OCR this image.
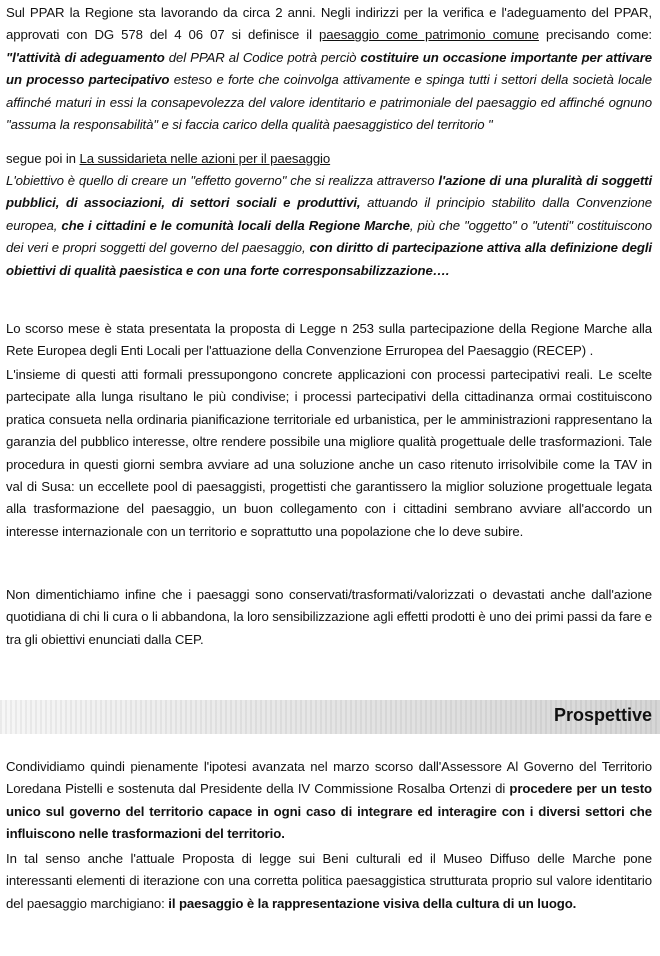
Sul PPAR la Regione sta lavorando da circa 2 anni. Negli indirizzi per la verifica e l'adeguamento del PPAR, approvati con DG 578 del 4 06 07 si definisce il paesaggio come patrimonio comune precisando come: "l'attività di adeguamento del PPAR al Codice potrà perciò costituire un occasione importante per attivare un processo partecipativo esteso e forte che coinvolga attivamente e spinga tutti i settori della società locale affinché maturi in essi la consapevolezza del valore identitario e patrimoniale del paesaggio ed affinché ognuno "assuma la responsabilità" e si faccia carico della qualità paesaggistico del territorio "

segue poi in La sussidarieta nelle azioni per il paesaggio

L'obiettivo è quello di creare un "effetto governo" che si realizza attraverso l'azione di una pluralità di soggetti pubblici, di associazioni, di settori sociali e produttivi, attuando il principio stabilito dalla Convenzione europea, che i cittadini e le comunità locali della Regione Marche, più che "oggetto" o "utenti" costituiscono dei veri e propri soggetti del governo del paesaggio, con diritto di partecipazione attiva alla definizione degli obiettivi di qualità paesistica e con una forte corresponsabilizzazione….

Lo scorso mese è stata presentata la proposta di Legge n 253 sulla partecipazione della Regione Marche alla Rete Europea degli Enti Locali per l'attuazione della Convenzione Erruropea del Paesaggio (RECEP) .

L'insieme di questi atti formali pressupongono concrete applicazioni con processi partecipativi reali. Le scelte partecipate alla lunga risultano le più condivise; i processi partecipativi della cittadinanza ormai costituiscono pratica consueta nella ordinaria pianificazione territoriale ed urbanistica, per le amministrazioni rappresentano la garanzia del pubblico interesse, oltre rendere possibile una migliore qualità progettuale delle trasformazioni. Tale procedura in questi giorni sembra avviare ad una soluzione anche un caso ritenuto irrisolvibile come la TAV in val di Susa: un eccellete pool di paesaggisti, progettisti che garantissero la miglior soluzione progettuale legata alla trasformazione del paesaggio, un buon collegamento con i cittadini sembrano avviare all'accordo un interesse internazionale con un territorio e soprattutto una popolazione che lo deve subire.

Non dimentichiamo infine che i paesaggi sono conservati/trasformati/valorizzati o devastati anche dall'azione quotidiana di chi li cura o li abbandona, la loro sensibilizzazione agli effetti prodotti è uno dei primi passi da fare e tra gli obiettivi enunciati dalla CEP.

Prospettive

Condividiamo quindi pienamente l'ipotesi avanzata nel marzo scorso dall'Assessore Al Governo del Territorio Loredana Pistelli e sostenuta dal Presidente della IV Commissione Rosalba Ortenzi di procedere per un testo unico sul governo del territorio capace in ogni caso di integrare ed interagire con i diversi settori che influiscono nelle trasformazioni del territorio.

In tal senso anche l'attuale Proposta di legge sui Beni culturali ed il Museo Diffuso delle Marche pone interessanti elementi di iterazione con una corretta politica paesaggistica strutturata proprio sul valore identitario del paesaggio marchigiano: il paesaggio è la rappresentazione visiva della cultura di un luogo.
